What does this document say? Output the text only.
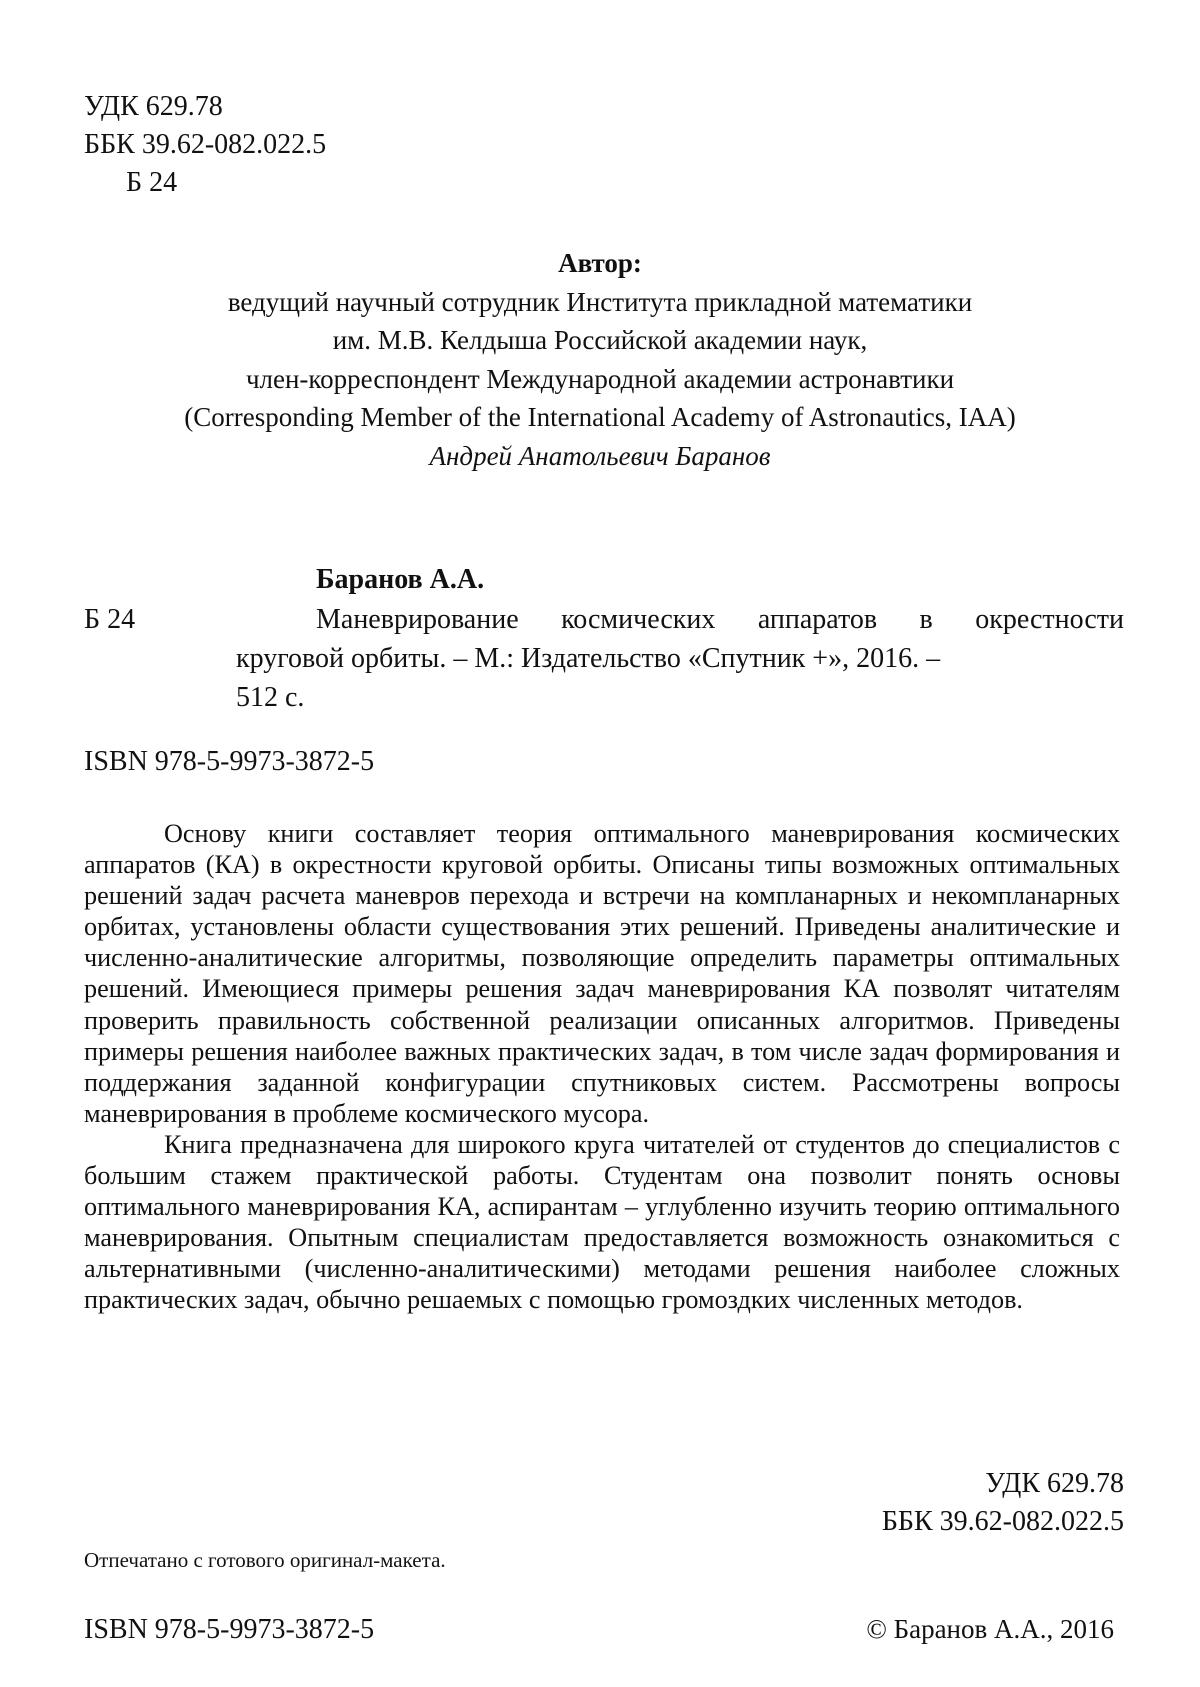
УДК 629.78
ББК 39.62-082.022.5
Б 24
Автор:
ведущий научный сотрудник Института прикладной математики
им. М.В. Келдыша Российской академии наук,
член-корреспондент Международной академии астронавтики
(Corresponding Member of the International Academy of Astronautics, IAA)
Андрей Анатольевич Баранов
Баранов А.А.
Б 24	Маневрирование космических аппаратов в окрестности
круговой орбиты. – М.: Издательство «Спутник +», 2016. –
512 с.
ISBN 978-5-9973-3872-5

Основу книги составляет теория оптимального маневрирования космических аппаратов (КА) в окрестности круговой орбиты. Описаны типы возможных оптимальных решений задач расчета маневров перехода и встречи на компланарных и некомпланарных орбитах, установлены области существования этих решений. Приведены аналитические и численно-аналитические алгоритмы, позволяющие определить параметры оптимальных решений. Имеющиеся примеры решения задач маневрирования КА позволят читателям проверить правильность собственной реализации описанных алгоритмов. Приведены примеры решения наиболее важных практических задач, в том числе задач формирования и поддержания заданной конфигурации спутниковых систем. Рассмотрены вопросы маневрирования в проблеме космического мусора.

Книга предназначена для широкого круга читателей от студентов до специалистов с большим стажем практической работы. Студентам она позволит понять основы оптимального маневрирования КА, аспирантам – углубленно изучить теорию оптимального маневрирования. Опытным специалистам предоставляется возможность ознакомиться с альтернативными (численно-аналитическими) методами решения наиболее сложных практических задач, обычно решаемых с помощью громоздких численных методов.

УДК 629.78
ББК 39.62-082.022.5
Отпечатано с готового оригинал-макета.
ISBN 978-5-9973-3872-5	© Баранов А.А., 2016
